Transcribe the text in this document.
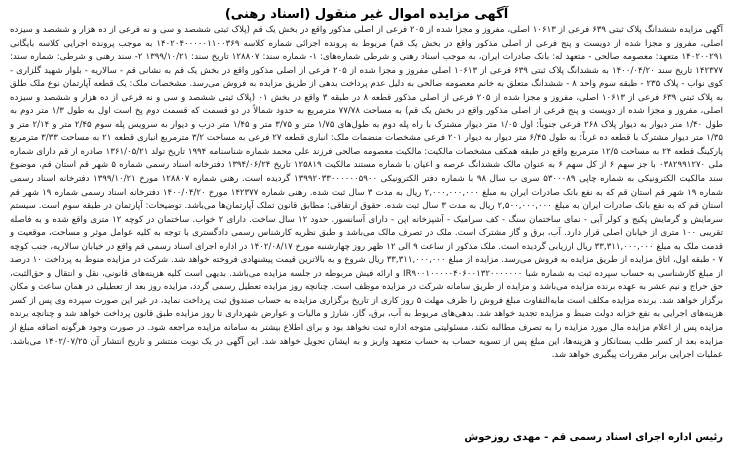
آگهی مزایده اموال غیر منقول (اسناد رهنی)

آگهی مزایده ششدانگ پلاک ثبتی ۶۳۹ فرعی از ۱۰۶۱۳ اصلی، مفروز و مجزا شده از ۲۰۵ فرعی از اصلی مذکور واقع در بخش یک قم (پلاک ثبتی ششصد و سی و نه فرعی از ده هزار و ششصد و سیزده اصلی، مفروز و مجزا شده از دویست و پنج فرعی از اصلی مذکور واقع در بخش یک قم) مربوط به پرونده اجرائی شماره کلاسه ۱۴۰۲۰۴۰۰۰۰۰۱۱۰۰۳۶۹ به موجب پرونده اجرایی کلاسه بایگانی ۱۴۰۲۰۰۲۹۱ متعهد: معصومه صالحی - متعهد له: بانک صادرات ایران، به موجب اسناد رهنی و شرطی شماره‌های: ۱- شماره سند: ۱۲۸۸۰۷ تاریخ سند: ۱۳۹۹/۱۰/۲۱ ۲- سند رهنی و شرطی: شماره سند: ۱۴۲۳۷۷ تاریخ سند ۱۴۰۰/۰۴/۲۰ به ششدانگ پلاک ثبتی ۶۳۹ فرعی از ۱۰۶۱۳ اصلی مفروز و مجزا شده از ۲۰۵ فرعی از اصلی مذکور واقع در بخش یک قم به نشانی قم - سالاریه - بلوار شهید گلزاری - کوی نواب - پلاک ۲۳۵ - طبقه سوم واحد ۸ - ششدانگ متعلق به خانم معصومه صالحی به دلیل عدم پرداخت بدهی از طریق مزایده به فروش می‌رسد. مشخصات ملک: یک قطعه آپارتمان نوع ملک طلق به پلاک ثبتی ۶۳۹ فرعی از ۱۰۶۱۳ اصلی، مفروز و مجزا شده از ۲۰۵ فرعی از اصلی مذکور قطعه ۸ در طبقه ۳ واقع در بخش ۰۱ (پلاک ثبتی ششصد و سی و نه فرعی از ده هزار و ششصد و سیزده اصلی، مفروز و مجزا شده از دویست و پنج فرعی از اصلی مذکور واقع در بخش یک قم) به مساحت ۷۷/۷۸ مترمربع به حدود شمالاً در دو قسمت که قسمت دوم پخ است اول به طول ۱/۳ متر دوم به طول ۱/۴۰ متر دیوار به دیوار پلاک ۲۶۸ فرعی جنوباً: اول ۱/۰۵ متر دیوار مشترک با راه پله دوم به طول‌های ۱/۷۵ متر و ۳/۷۵ متر و ۱/۴۵ متر درب و دیوار به سرویس پله سوم ۲/۴۵ متر و ۲/۱۴ متر و ۱/۳۵ متر دیوار مشترک با قطعه ده غرباً: به طول ۶/۴۵ متر دیوار به دیوار ۲۰۱ فرعی مشخصات منضمات ملک: انباری قطعه ۲۷ فرعی به مساحت ۳/۲ مترمربع انباری قطعه ۲۱ به مساحت ۳/۳۳ مترمربع پارکینگ قطعه ۲۴ به مساحت ۱۲/۵ مترمربع واقع در طبقه همکف مشخصات مالکیت: مالکیت معصومه صالحی فرزند علی محمد شماره شناسنامه ۱۹۹۴ تاریخ تولد ۱۳۶۱/۰۵/۲۱ صادره از قم دارای شماره ملی ۰۳۸۲۹۹۱۲۷۰ با جز سهم ۶ از کل سهم ۶ به عنوان مالک ششدانگ عرصه و اعیان با شماره مستند مالکیت ۱۲۵۸۱۹ تاریخ ۱۳۹۴/۰۶/۲۴ دفترخانه اسناد رسمی شماره ۵ شهر قم استان قم، موضوع سند مالکیت الکترونیکی به شماره چاپی ۵۳۰۰۰۸۹ سری ب سال ۹۸ با شماره دفتر الکترونیکی ۱۳۹۹۲۰۳۳۰۰۰۰۰۰۵۹۰۰ گردیده است. رهنی شماره ۱۲۸۸۰۷ مورخ ۱۳۹۹/۱۰/۲۱ دفترخانه اسناد رسمی شماره ۱۹ شهر قم استان قم که به نفع بانک صادرات ایران به مبلغ ۲,۰۰۰,۰۰۰,۰۰۰ ریال به مدت ۳ سال ثبت شده. رهنی شماره ۱۴۲۳۷۷ مورخ ۱۴۰۰/۰۴/۲۰ دفترخانه اسناد رسمی شماره ۱۹ شهر قم استان قم که به نفع بانک صادرات ایران به مبلغ ۲,۵۰۰,۰۰۰,۰۰۰ ریال به مدت ۳ سال ثبت شده. حقوق ارتفاقی: مطابق قانون تملک آپارتمان‌ها می‌باشد. توضیحات: آپارتمان در طبقه سوم است. سیستم سرمایش و گرمایش پکیج و کولر آبی - نمای ساختمان سنگ - کف سرامیک - آشپزخانه اپن - دارای آسانسور. حدود ۱۲ سال ساخت. دارای ۲ خواب. ساختمان در کوچه ۱۲ متری واقع شده و به فاصله تقریبی ۱۰۰ متری از خیابان اصلی قرار دارد. آب، برق و گاز مشترک است. ملک در تصرف مالک می‌باشد و طبق نظریه کارشناس رسمی دادگستری با توجه به کلیه عوامل موثر و مساحت، موقعیت و قدمت ملک به مبلغ ۳۳,۳۱۱,۰۰۰,۰۰۰ ریال ارزیابی گردیده است. ملک مذکور از ساعت ۹ الی ۱۲ ظهر روز چهارشنبه مورخ ۱۴۰۲/۰۸/۱۷ در اداره اجرای اسناد رسمی قم واقع در خیابان سالاریه، جنب کوچه ۷ - طبقه اول، اتاق مزایده از طریق مزایده به فروش می‌رسد. مزایده از مبلغ ۳۳,۳۱۱,۰۰۰,۰۰۰ ریال شروع و به بالاترین قیمت پیشنهادی فروخته خواهد شد. شرکت در مزایده منوط به پرداخت ۱۰ درصد از مبلغ کارشناسی به حساب سپرده ثبت به شماره شبا IR۹۰۰۱۰۰۰۰۰۴۰۶۰۰۱۳۲۰۰۰۰۰۰۰ و ارائه فیش مربوطه در جلسه مزایده می‌باشد. بدیهی است کلیه هزینه‌های قانونی، نقل و انتقال و حق‌الثبت، حق حراج و نیم عشر به عهده برنده مزایده می‌باشد و مزایده از طریق سامانه شرکت در مزایده موظف است. چنانچه روز مزایده تعطیل رسمی گردد، مزایده روز بعد از تعطیلی در همان ساعت و مکان برگزار خواهد شد. برنده مزایده مکلف است مابه‌التفاوت مبلغ فروش را ظرف مهلت ۵ روز کاری از تاریخ برگزاری مزایده به حساب صندوق ثبت پرداخت نماید، در غیر این صورت سپرده وی پس از کسر هزینه‌های اجرایی به نفع خزانه دولت ضبط و مزایده تجدید خواهد شد. بدهی‌های مربوط به آب، برق، گاز، شارژ و مالیات و عوارض شهرداری تا روز مزایده طبق قانون پرداخت خواهد شد و چنانچه برنده مزایده پس از اعلام مزایده مال مورد مزایده را به تصرف مطالبه نکند، مسئولیتی متوجه اداره ثبت نخواهد بود و برای اطلاع بیشتر به سامانه مزایده مراجعه شود. در صورت وجود هرگونه اضافه مبلغ از مزایده بعد از کسر طلب بستانکار و هزینه‌ها، این مبلغ پس از تسویه حساب به حساب متعهد واریز و به ایشان تحویل خواهد شد. این آگهی در یک نوبت منتشر و تاریخ انتشار آن ۱۴۰۲/۰۷/۲۵ می‌باشد. عملیات اجرایی برابر مقررات پیگیری خواهد شد.

رئیس اداره اجرای اسناد رسمی قم - مهدی روزخوش
